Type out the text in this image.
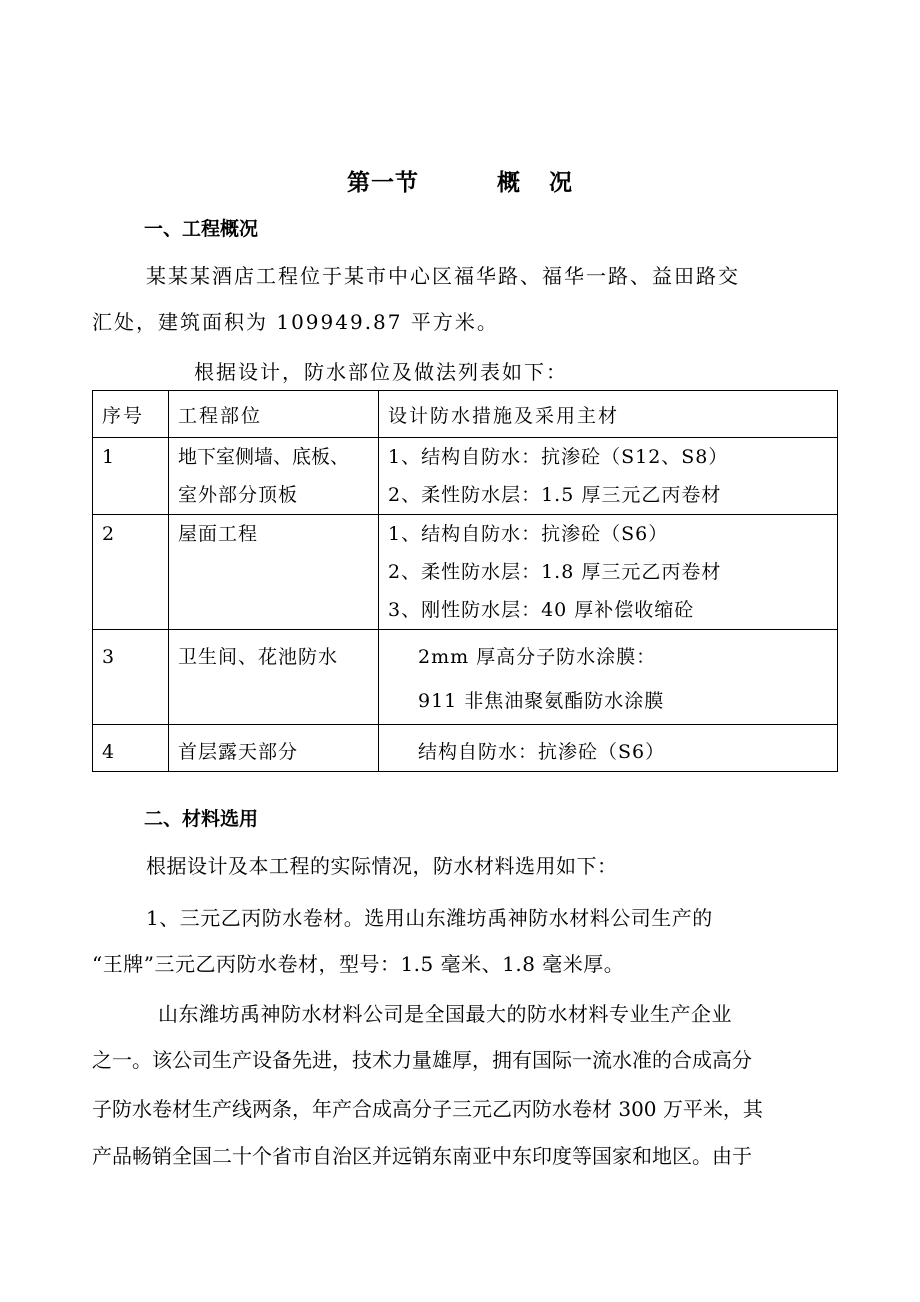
第一节	概 况
一、工程概况
某某某酒店工程位于某市中心区福华路、福华一路、益田路交
汇处，建筑面积为 109949.87 平方米。
根据设计，防水部位及做法列表如下：
序号	工程部位	设计防水措施及采用主材

1	地下室侧墙、底板、
室外部分顶板	1、结构自防水：抗渗砼（S12、S8）
2、柔性防水层：1.5 厚三元乙丙卷材

2	屋面工程	1、结构自防水：抗渗砼（S6）
2、柔性防水层：1.8 厚三元乙丙卷材
3、刚性防水层：40 厚补偿收缩砼

3	卫生间、花池防水	2mm 厚高分子防水涂膜：
911 非焦油聚氨酯防水涂膜

4	首层露天部分	结构自防水：抗渗砼（S6）
二、材料选用
根据设计及本工程的实际情况，防水材料选用如下：
1、三元乙丙防水卷材。选用山东潍坊禹神防水材料公司生产的
“王牌”三元乙丙防水卷材，型号：1.5 毫米、1.8 毫米厚。
山东潍坊禹神防水材料公司是全国最大的防水材料专业生产企业
之一。该公司生产设备先进，技术力量雄厚，拥有国际一流水准的合成高分
子防水卷材生产线两条，年产合成高分子三元乙丙防水卷材 300 万平米，其
产品畅销全国二十个省市自治区并远销东南亚中东印度等国家和地区。由于
